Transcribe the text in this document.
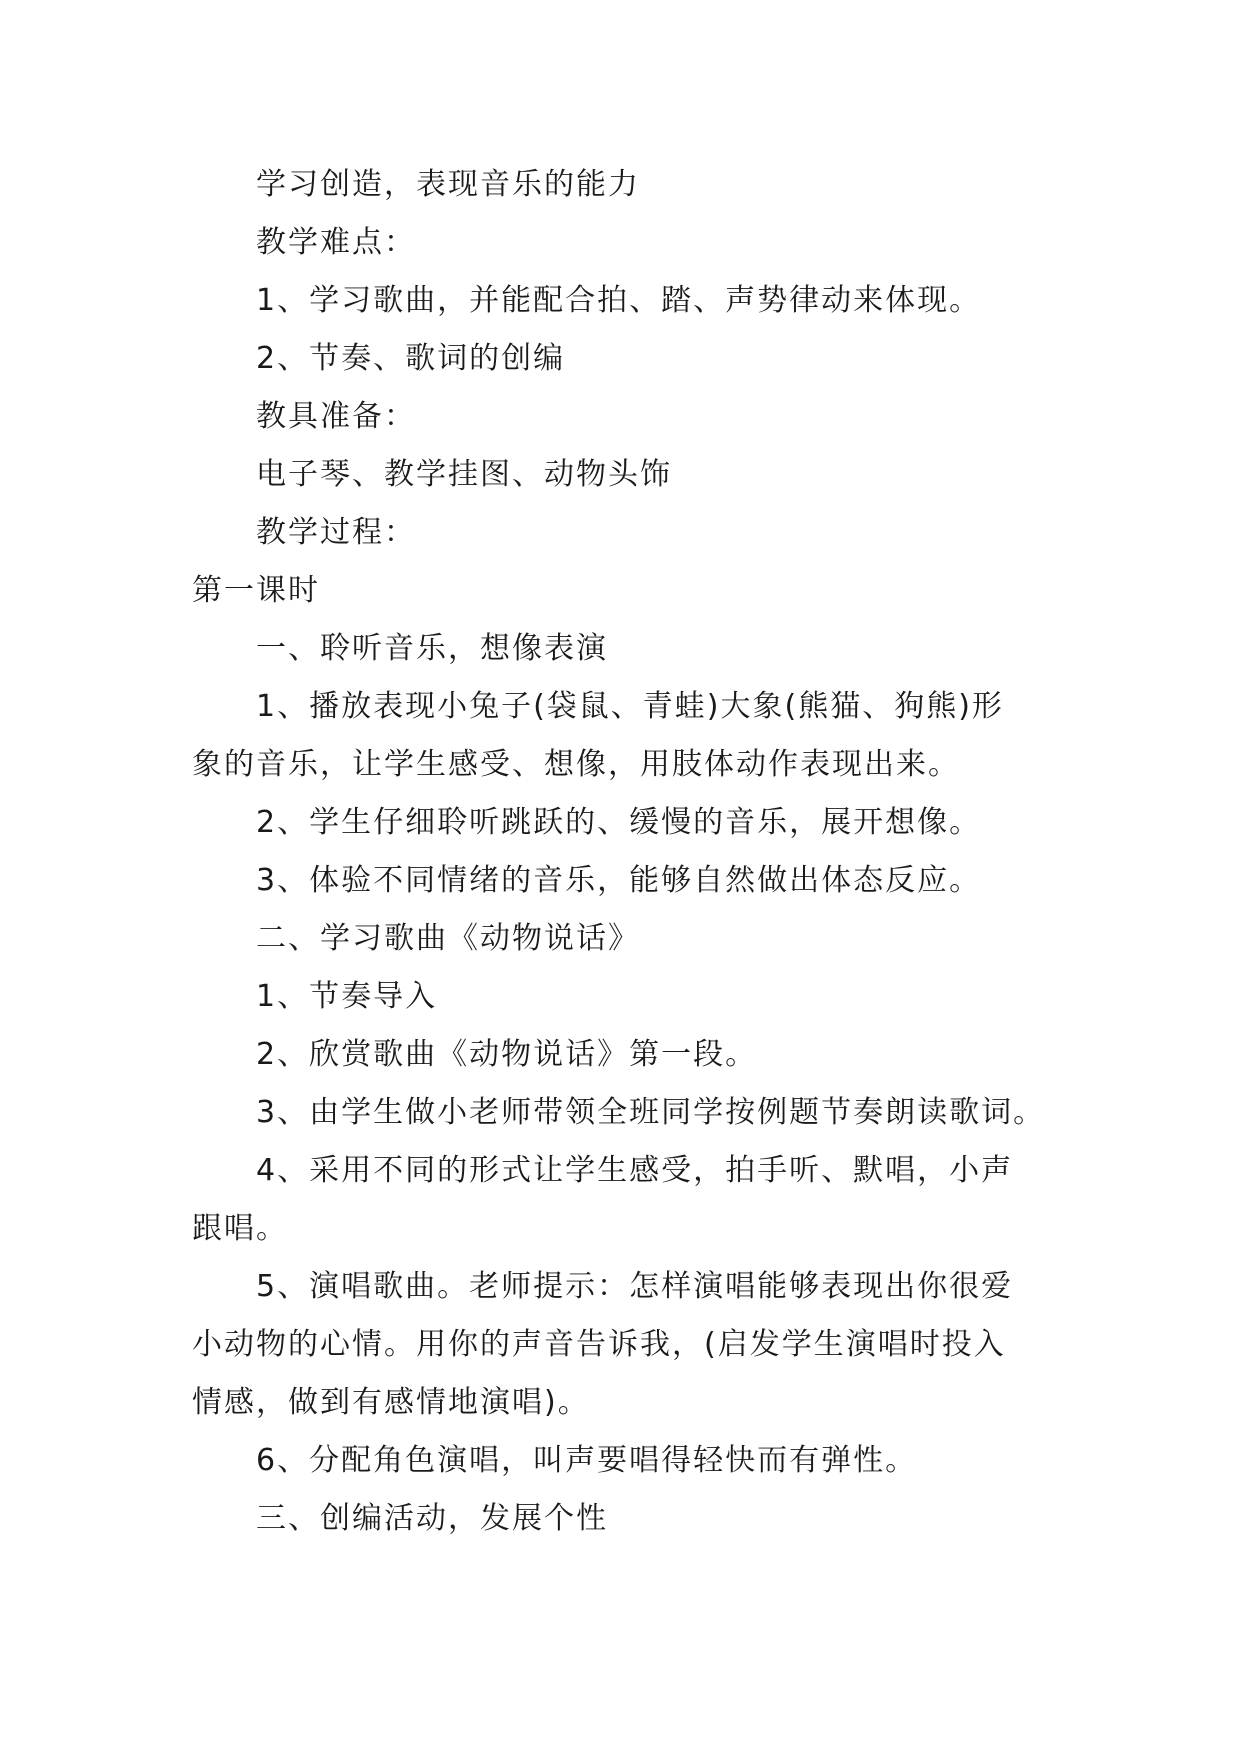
学习创造，表现音乐的能力

教学难点：

1、学习歌曲，并能配合拍、踏、声势律动来体现。

2、节奏、歌词的创编

教具准备：

电子琴、教学挂图、动物头饰

教学过程：

第一课时

一、聆听音乐，想像表演

1、播放表现小兔子(袋鼠、青蛙)大象(熊猫、狗熊)形

象的音乐，让学生感受、想像，用肢体动作表现出来。

2、学生仔细聆听跳跃的、缓慢的音乐，展开想像。

3、体验不同情绪的音乐，能够自然做出体态反应。

二、学习歌曲《动物说话》

1、节奏导入

2、欣赏歌曲《动物说话》第一段。

3、由学生做小老师带领全班同学按例题节奏朗读歌词。

4、采用不同的形式让学生感受，拍手听、默唱，小声

跟唱。

5、演唱歌曲。老师提示：怎样演唱能够表现出你很爱

小动物的心情。用你的声音告诉我，(启发学生演唱时投入

情感，做到有感情地演唱)。

6、分配角色演唱，叫声要唱得轻快而有弹性。

三、创编活动，发展个性
